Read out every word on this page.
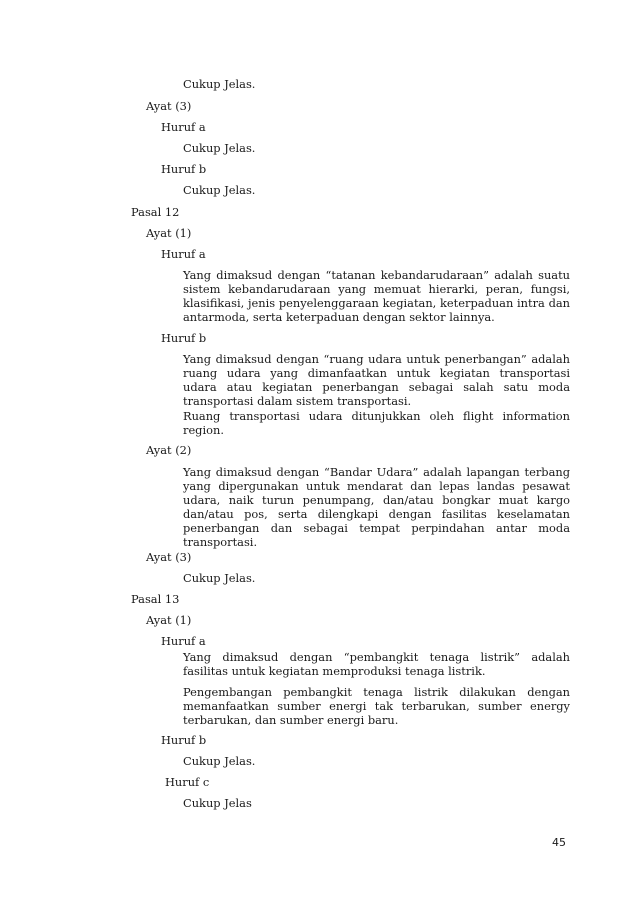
Cukup Jelas.
Ayat (3)
Huruf a
Cukup Jelas.
Huruf b
Cukup Jelas.
Pasal 12
Ayat (1)
Huruf a
Yang dimaksud dengan “tatanan kebandarudaraan” adalah suatu sistem kebandarudaraan yang memuat hierarki, peran, fungsi, klasifikasi, jenis penyelenggaraan kegiatan, keterpaduan intra dan antarmoda, serta keterpaduan dengan sektor lainnya.
Huruf b
Yang dimaksud dengan “ruang udara untuk penerbangan” adalah ruang udara yang dimanfaatkan untuk kegiatan transportasi udara atau kegiatan penerbangan sebagai salah satu moda transportasi dalam sistem transportasi.
Ruang transportasi udara ditunjukkan oleh flight information region.
Ayat (2)
Yang dimaksud dengan “Bandar Udara” adalah lapangan terbang yang dipergunakan untuk mendarat dan lepas landas pesawat udara, naik turun penumpang, dan/atau bongkar muat kargo dan/atau pos, serta dilengkapi dengan fasilitas keselamatan penerbangan dan sebagai tempat perpindahan antar moda transportasi.
Ayat (3)
Cukup Jelas.
Pasal 13
Ayat (1)
Huruf a
Yang dimaksud dengan “pembangkit tenaga listrik” adalah fasilitas untuk kegiatan memproduksi tenaga listrik.
Pengembangan pembangkit tenaga listrik dilakukan dengan memanfaatkan sumber energi tak terbarukan, sumber energy terbarukan, dan sumber energi baru.
Huruf b
Cukup Jelas.
Huruf c
Cukup Jelas
45
